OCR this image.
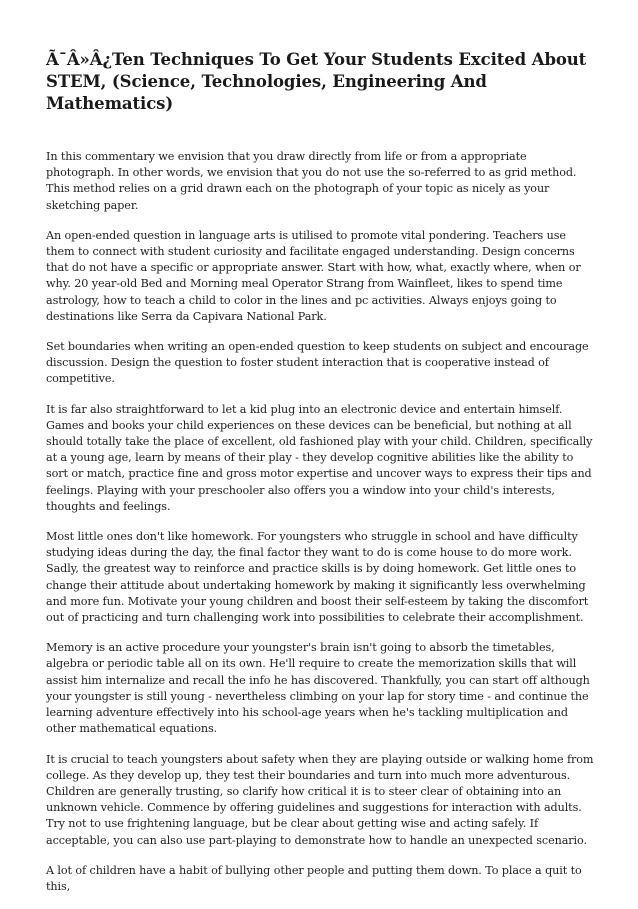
Ã¯Â»Â¿Ten Techniques To Get Your Students Excited About STEM, (Science, Technologies, Engineering And Mathematics)

In this commentary we envision that you draw directly from life or from a appropriate photograph. In other words, we envision that you do not use the so-referred to as grid method. This method relies on a grid drawn each on the photograph of your topic as nicely as your sketching paper.

An open-ended question in language arts is utilised to promote vital pondering. Teachers use them to connect with student curiosity and facilitate engaged understanding. Design concerns that do not have a specific or appropriate answer. Start with how, what, exactly where, when or why. 20 year-old Bed and Morning meal Operator Strang from Wainfleet, likes to spend time astrology, how to teach a child to color in the lines and pc activities. Always enjoys going to destinations like Serra da Capivara National Park.

Set boundaries when writing an open-ended question to keep students on subject and encourage discussion. Design the question to foster student interaction that is cooperative instead of competitive.

It is far also straightforward to let a kid plug into an electronic device and entertain himself. Games and books your child experiences on these devices can be beneficial, but nothing at all should totally take the place of excellent, old fashioned play with your child. Children, specifically at a young age, learn by means of their play - they develop cognitive abilities like the ability to sort or match, practice fine and gross motor expertise and uncover ways to express their tips and feelings. Playing with your preschooler also offers you a window into your child's interests, thoughts and feelings.

Most little ones don't like homework. For youngsters who struggle in school and have difficulty studying ideas during the day, the final factor they want to do is come house to do more work. Sadly, the greatest way to reinforce and practice skills is by doing homework. Get little ones to change their attitude about undertaking homework by making it significantly less overwhelming and more fun. Motivate your young children and boost their self-esteem by taking the discomfort out of practicing and turn challenging work into possibilities to celebrate their accomplishment.

Memory is an active procedure your youngster's brain isn't going to absorb the timetables, algebra or periodic table all on its own. He'll require to create the memorization skills that will assist him internalize and recall the info he has discovered. Thankfully, you can start off although your youngster is still young - nevertheless climbing on your lap for story time - and continue the learning adventure effectively into his school-age years when he's tackling multiplication and other mathematical equations.

It is crucial to teach youngsters about safety when they are playing outside or walking home from college. As they develop up, they test their boundaries and turn into much more adventurous. Children are generally trusting, so clarify how critical it is to steer clear of obtaining into an unknown vehicle. Commence by offering guidelines and suggestions for interaction with adults. Try not to use frightening language, but be clear about getting wise and acting safely. If acceptable, you can also use part-playing to demonstrate how to handle an unexpected scenario.

A lot of children have a habit of bullying other people and putting them down. To place a quit to this,
